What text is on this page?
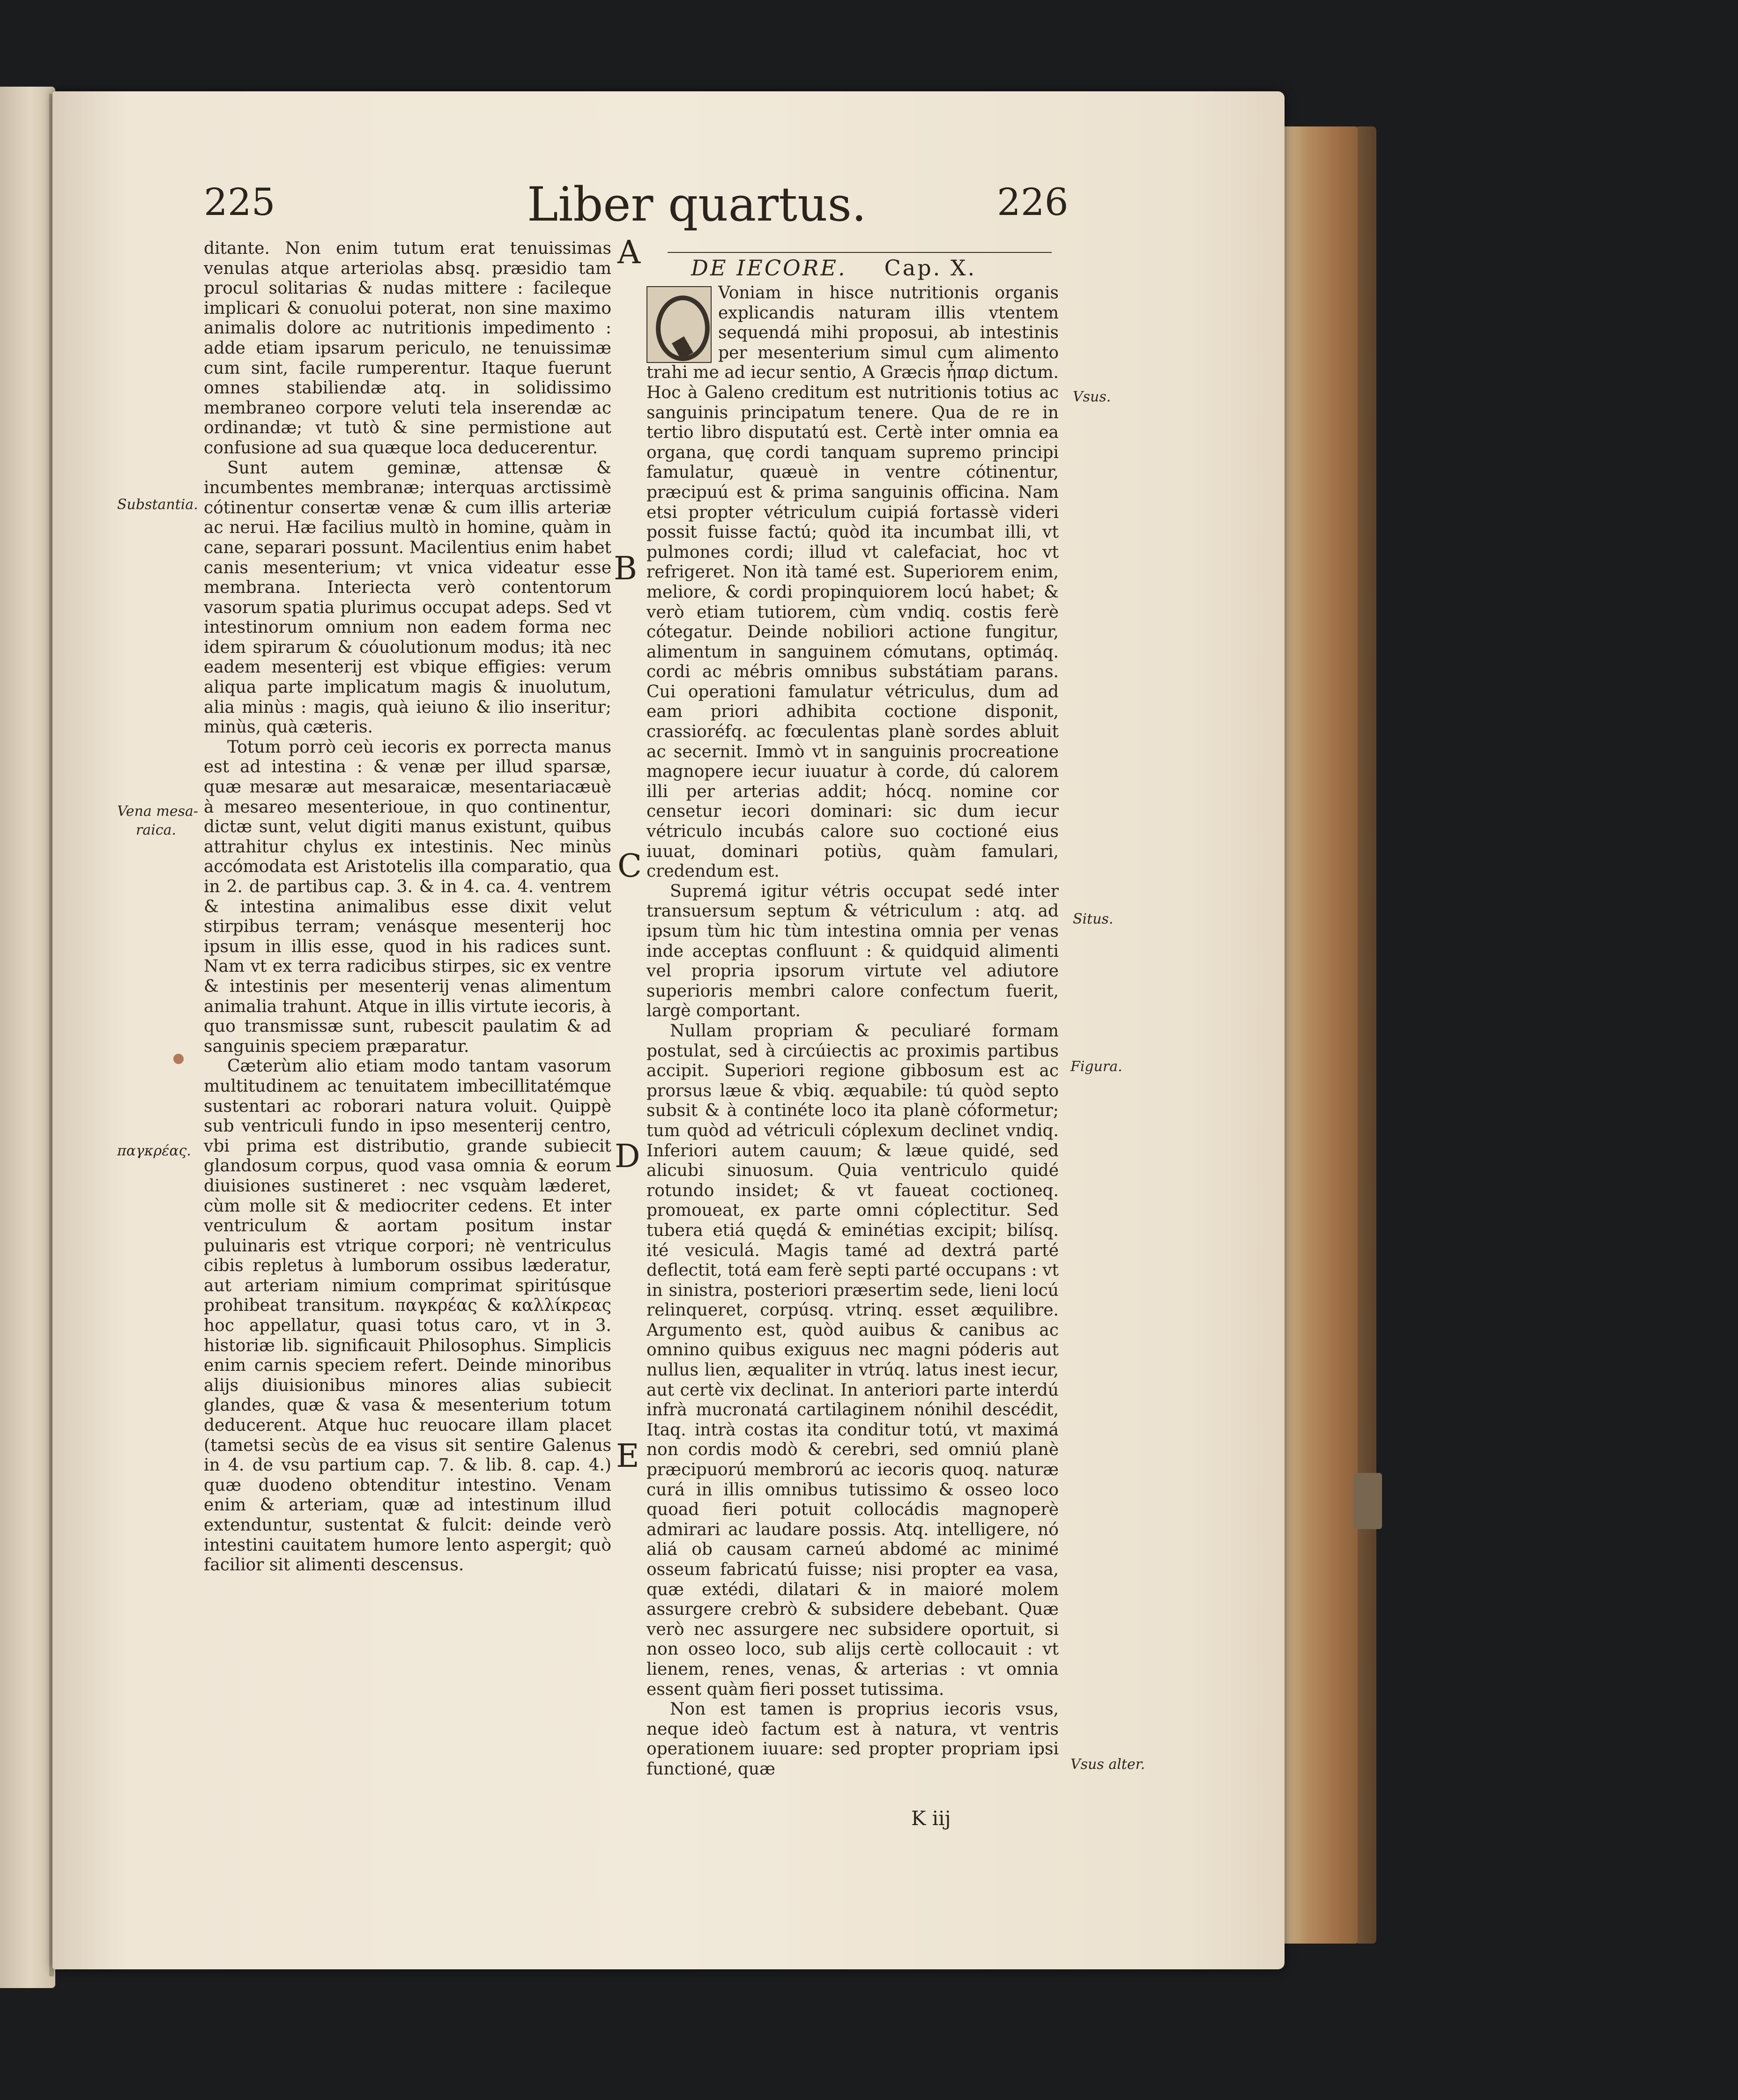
225	Liber quartus.	226
DE IECORE. Cap. X.

ditante. Non enim tutum erat tenuissimas venulas atque arteriolas absq. præsidio tam procul solitarias & nudas mittere : facileque implicari & conuolui poterat, non sine maximo animalis dolore ac nutritionis impedimento : adde etiam ipsarum periculo, ne tenuissimæ cum sint, facile rumperentur. Itaque fuerunt omnes stabiliendæ atq. in solidissimo membraneo corpore veluti tela inserendæ ac ordinandæ; vt tutò & sine permistione aut confusione ad sua quæque loca deducerentur.

Sunt autem geminæ, attensæ & incumbentes membranæ; interquas arctissimè cótinentur consertæ venæ & cum illis arteriæ ac nerui. Hæ facilius multò in homine, quàm in cane, separari possunt. Macilentius enim habet canis mesenterium; vt vnica videatur esse membrana. Interiecta verò contentorum vasorum spatia plurimus occupat adeps. Sed vt intestinorum omnium non eadem forma nec idem spirarum & cóuolutionum modus; ità nec eadem mesenterij est vbique effigies: verum aliqua parte implicatum magis & inuolutum, alia minùs : magis, quà ieiuno & ilio inseritur; minùs, quà cæteris.

Totum porrò ceù iecoris ex porrecta manus est ad intestina : & venæ per illud sparsæ, quæ mesaræ aut mesaraicæ, mesentariacæuè à mesareo mesenterioue, in quo continentur, dictæ sunt, velut digiti manus existunt, quibus attrahitur chylus ex intestinis. Nec minùs accómodata est Aristotelis illa comparatio, qua in 2. de partibus cap. 3. & in 4. ca. 4. ventrem & intestina animalibus esse dixit velut stirpibus terram; venásque mesenterij hoc ipsum in illis esse, quod in his radices sunt. Nam vt ex terra radicibus stirpes, sic ex ventre & intestinis per mesenterij venas alimentum animalia trahunt. Atque in illis virtute iecoris, à quo transmissæ sunt, rubescit paulatim & ad sanguinis speciem præparatur.

Cæterùm alio etiam modo tantam vasorum multitudinem ac tenuitatem imbecillitatémque sustentari ac roborari natura voluit. Quippè sub ventriculi fundo in ipso mesenterij centro, vbi prima est distributio, grande subiecit glandosum corpus, quod vasa omnia & eorum diuisiones sustineret : nec vsquàm læderet, cùm molle sit & mediocriter cedens. Et inter ventriculum & aortam positum instar puluinaris est vtrique corpori; nè ventriculus cibis repletus à lumborum ossibus læderatur, aut arteriam nimium comprimat spiritúsque prohibeat transitum. παγκρέας & καλλίκρεας hoc appellatur, quasi totus caro, vt in 3. historiæ lib. significauit Philosophus. Simplicis enim carnis speciem refert. Deinde minoribus alijs diuisionibus minores alias subiecit glandes, quæ & vasa & mesenterium totum deducerent. Atque huc reuocare illam placet (tametsi secùs de ea visus sit sentire Galenus in 4. de vsu partium cap. 7. & lib. 8. cap. 4.) quæ duodeno obtenditur intestino. Venam enim & arteriam, quæ ad intestinum illud extenduntur, sustentat & fulcit: deinde verò intestini cauitatem humore lento aspergit; quò facilior sit alimenti descensus.

Voniam in hisce nutritionis organis explicandis naturam illis vtentem sequendá mihi proposui, ab intestinis per mesenterium simul cum alimento trahi me ad iecur sentio, A Græcis ἧπαρ dictum. Hoc à Galeno creditum est nutritionis totius ac sanguinis principatum tenere. Qua de re in tertio libro disputatú est. Certè inter omnia ea organa, quę cordi tanquam supremo principi famulatur, quæuè in ventre cótinentur, præcipuú est & prima sanguinis officina. Nam etsi propter vétriculum cuipiá fortassè videri possit fuisse factú; quòd ita incumbat illi, vt pulmones cordi; illud vt calefaciat, hoc vt refrigeret. Non ità tamé est. Superiorem enim, meliore, & cordi propinquiorem locú habet; & verò etiam tutiorem, cùm vndiq. costis ferè cótegatur. Deinde nobiliori actione fungitur, alimentum in sanguinem cómutans, optimáq. cordi ac mébris omnibus substátiam parans. Cui operationi famulatur vétriculus, dum ad eam priori adhibita coctione disponit, crassioréfq. ac fœculentas planè sordes abluit ac secernit. Immò vt in sanguinis procreatione magnopere iecur iuuatur à corde, dú calorem illi per arterias addit; hócq. nomine cor censetur iecori dominari: sic dum iecur vétriculo incubás calore suo coctioné eius iuuat, dominari potiùs, quàm famulari, credendum est.

Supremá igitur vétris occupat sedé inter transuersum septum & vétriculum : atq. ad ipsum tùm hic tùm intestina omnia per venas inde acceptas confluunt : & quidquid alimenti vel propria ipsorum virtute vel adiutore superioris membri calore confectum fuerit, largè comportant.

Nullam propriam & peculiaré formam postulat, sed à circúiectis ac proximis partibus accipit. Superiori regione gibbosum est ac prorsus læue & vbiq. æquabile: tú quòd septo subsit & à continéte loco ita planè cóformetur; tum quòd ad vétriculi cóplexum declinet vndiq. Inferiori autem cauum; & læue quidé, sed alicubi sinuosum. Quia ventriculo quidé rotundo insidet; & vt faueat coctioneq. promoueat, ex parte omni cóplectitur. Sed tubera etiá quędá & eminétias excipit; bilísq. ité vesiculá. Magis tamé ad dextrá parté deflectit, totá eam ferè septi parté occupans : vt in sinistra, posteriori præsertim sede, lieni locú relinqueret, corpúsq. vtrinq. esset æquilibre. Argumento est, quòd auibus & canibus ac omnino quibus exiguus nec magni póderis aut nullus lien, æqualiter in vtrúq. latus inest iecur, aut certè vix declinat. In anteriori parte interdú infrà mucronatá cartilaginem nónihil descédit, Itaq. intrà costas ita conditur totú, vt maximá non cordis modò & cerebri, sed omniú planè præcipuorú membrorú ac iecoris quoq. naturæ curá in illis omnibus tutissimo & osseo loco quoad fieri potuit collocádis magnoperè admirari ac laudare possis. Atq. intelligere, nó aliá ob causam carneú abdomé ac minimé osseum fabricatú fuisse; nisi propter ea vasa, quæ extédi, dilatari & in maioré molem assurgere crebrò & subsidere debebant. Quæ verò nec assurgere nec subsidere oportuit, si non osseo loco, sub alijs certè collocauit : vt lienem, renes, venas, & arterias : vt omnia essent quàm fieri posset tutissima.

Non est tamen is proprius iecoris vsus, neque ideò factum est à natura, vt ventris operationem iuuare: sed propter propriam ipsi functioné, quæ

A
B
C
D
E
Substantia.
Vena mesa-
raica.
παγκρέας.
Vsus.
Situs.
Figura.
Vsus alter.
K iij
